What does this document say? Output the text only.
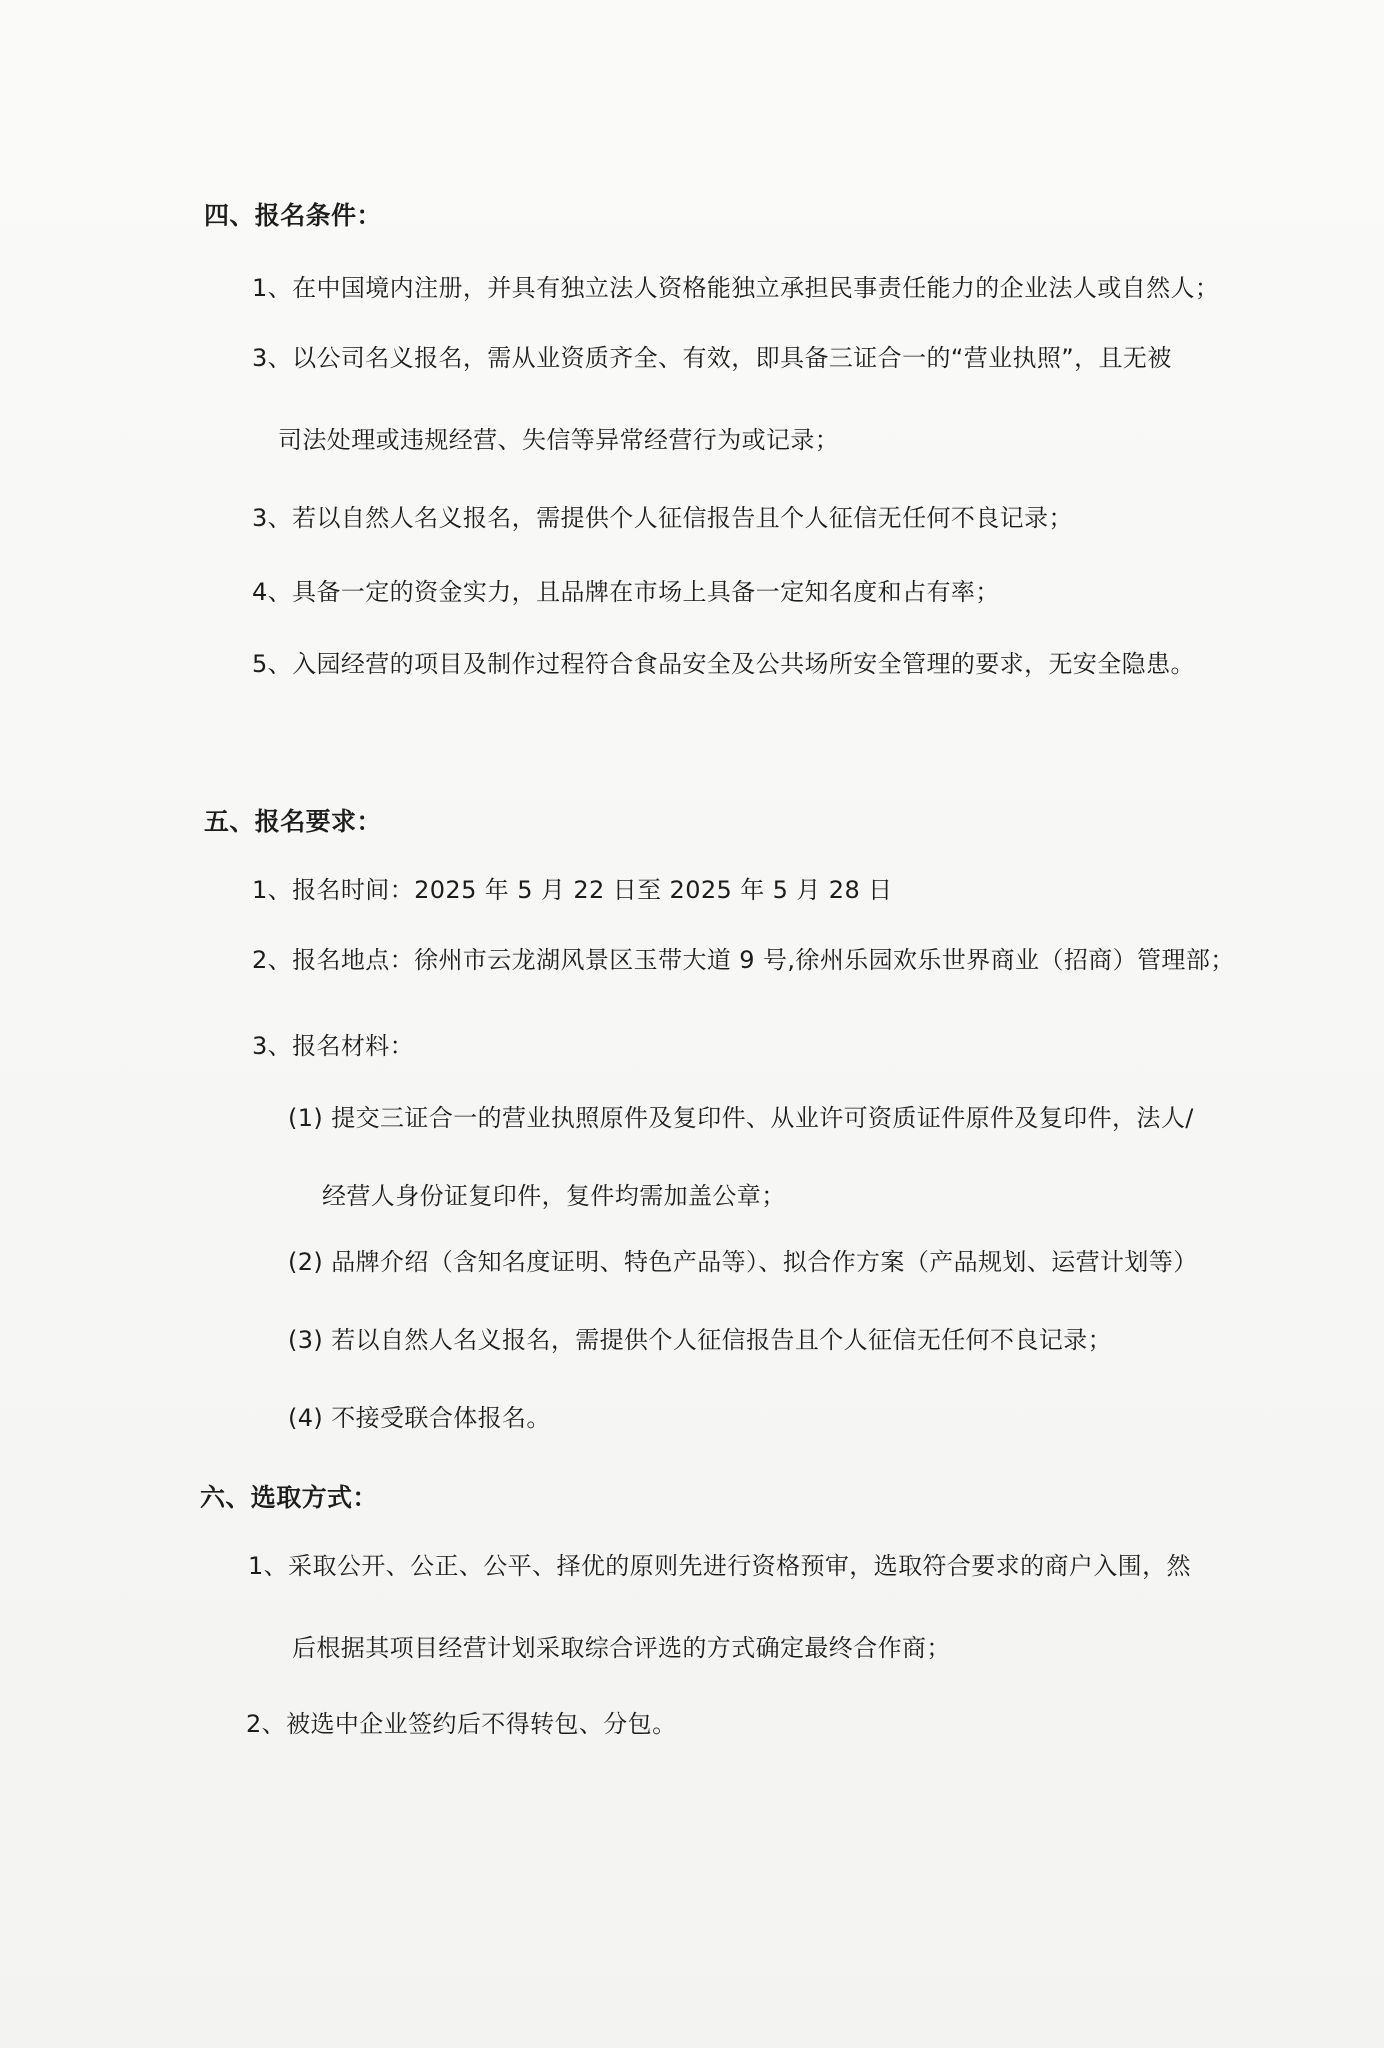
四、报名条件：
1、在中国境内注册，并具有独立法人资格能独立承担民事责任能力的企业法人或自然人；
3、以公司名义报名，需从业资质齐全、有效，即具备三证合一的“营业执照”，且无被
司法处理或违规经营、失信等异常经营行为或记录；
3、若以自然人名义报名，需提供个人征信报告且个人征信无任何不良记录；
4、具备一定的资金实力，且品牌在市场上具备一定知名度和占有率；
5、入园经营的项目及制作过程符合食品安全及公共场所安全管理的要求，无安全隐患。
五、报名要求：
1、报名时间：2025 年 5 月 22 日至 2025 年 5 月 28 日
2、报名地点：徐州市云龙湖风景区玉带大道 9 号,徐州乐园欢乐世界商业（招商）管理部；
3、报名材料：
(1) 提交三证合一的营业执照原件及复印件、从业许可资质证件原件及复印件，法人/
经营人身份证复印件，复件均需加盖公章；
(2) 品牌介绍（含知名度证明、特色产品等）、拟合作方案（产品规划、运营计划等）
(3) 若以自然人名义报名，需提供个人征信报告且个人征信无任何不良记录；
(4) 不接受联合体报名。
六、选取方式：
1、采取公开、公正、公平、择优的原则先进行资格预审，选取符合要求的商户入围，然
后根据其项目经营计划采取综合评选的方式确定最终合作商；
2、被选中企业签约后不得转包、分包。
